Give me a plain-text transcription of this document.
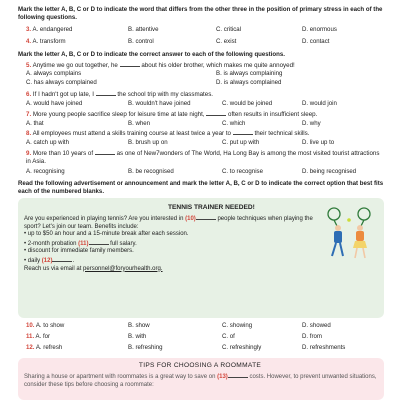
Mark the letter A, B, C or D to indicate the word that differs from the other three in the position of primary stress in each of the following questions.
3. A. endangered	B. attentive	C. critical	D. enormous
4. A. transform	B. control	C. exist	D. contact
Mark the letter A, B, C or D to indicate the correct answer to each of the following questions.
5. Anytime we go out together, he	about his older brother, which makes me quite annoyed!
A. always complains	B. is always complaining
C. has always complained	D. is always complained
6. If I hadn't got up late, I	the school trip with my classmates.
A. would have joined	B. wouldn't have joined	C. would be joined	D. would join
7. More young people sacrifice sleep for leisure time at late night,	often results in insufficient sleep.
A. that	B. when	C. which	D. why
8. All employees must attend a skills training course at least twice a year to	their technical skills.
A. catch up with	B. brush up on	C. put up with	D. live up to
9. More than 10 years of	as one of New7wonders of The World, Ha Long Bay is among the most visited tourist attractions in Asia.
A. recognising	B. be recognised	C. to recognise	D. being recognised
Read the following advertisement or announcement and mark the letter A, B, C or D to indicate the correct option that best fits each of the numbered blanks.
TENNIS TRAINER NEEDED!
Are you experienced in playing tennis? Are you interested in (10)	people techniques when playing the sport? Let's join our team. Benefits include:
• up to $50 an hour and a 15-minute break after each session.
• 2-month probation (11)	full salary.
• discount for immediate family members.
• daily (12)	.
Reach us via email at personnel@foryourhealth.org.
10. A. to show	B. show	C. showing	D. showed
11. A. for	B. with	C. of	D. from
12. A. refresh	B. refreshing	C. refreshingly	D. refreshments
TIPS FOR CHOOSING A ROOMMATE
Sharing a house or apartment with roommates is a great way to save on (13)	costs. However, to prevent unwanted situations, consider these tips before choosing a roommate:
